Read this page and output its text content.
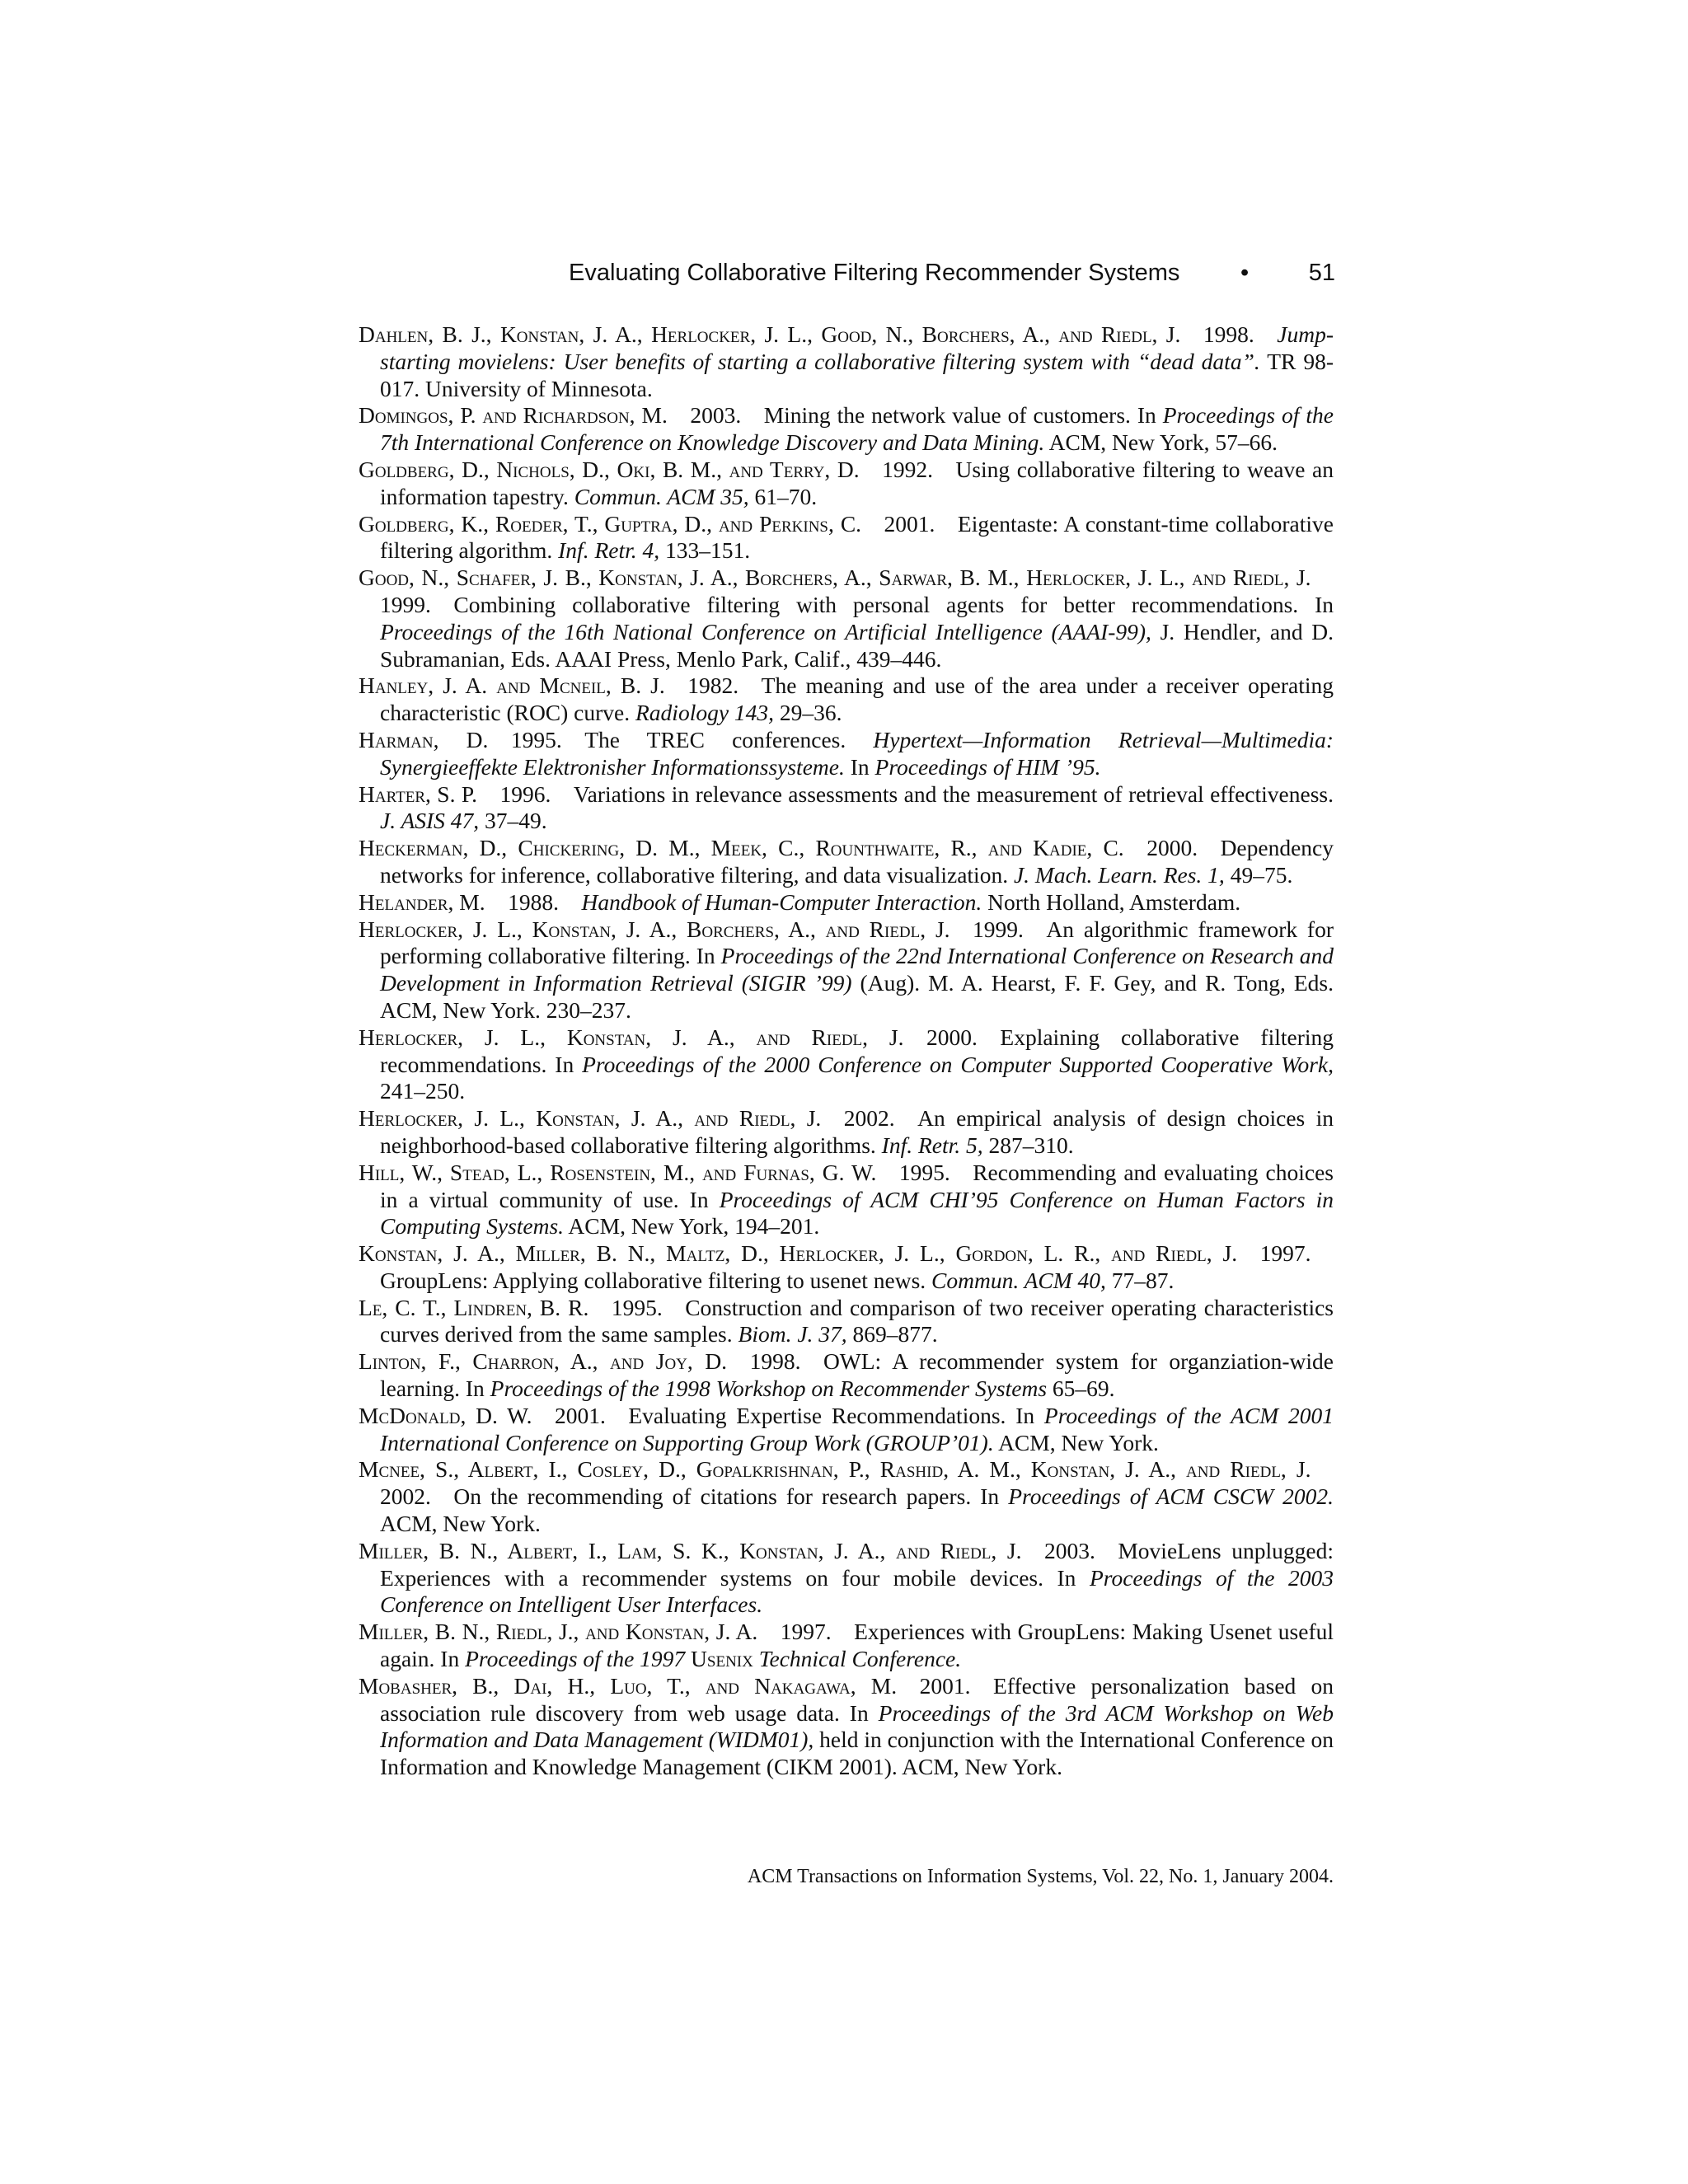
Evaluating Collaborative Filtering Recommender Systems	•	51
Dahlen, B. J., Konstan, J. A., Herlocker, J. L., Good, N., Borchers, A., and Riedl, J.   1998.   Jump-starting movielens: User benefits of starting a collaborative filtering system with “dead data”. TR 98-017. University of Minnesota.
Domingos, P. and Richardson, M.   2003.   Mining the network value of customers. In Proceedings of the 7th International Conference on Knowledge Discovery and Data Mining. ACM, New York, 57–66.
Goldberg, D., Nichols, D., Oki, B. M., and Terry, D.   1992.   Using collaborative filtering to weave an information tapestry. Commun. ACM 35, 61–70.
Goldberg, K., Roeder, T., Guptra, D., and Perkins, C.   2001.   Eigentaste: A constant-time collaborative filtering algorithm. Inf. Retr. 4, 133–151.
Good, N., Schafer, J. B., Konstan, J. A., Borchers, A., Sarwar, B. M., Herlocker, J. L., and Riedl, J.  1999.   Combining collaborative filtering with personal agents for better recommendations. In Proceedings of the 16th National Conference on Artificial Intelligence (AAAI-99), J. Hendler, and D. Subramanian, Eds. AAAI Press, Menlo Park, Calif., 439–446.
Hanley, J. A. and Mcneil, B. J.   1982.   The meaning and use of the area under a receiver operating characteristic (ROC) curve. Radiology 143, 29–36.
Harman, D.   1995.   The TREC conferences. Hypertext—Information Retrieval—Multimedia: Synergieeffekte Elektronisher Informationssysteme. In Proceedings of HIM ’95.
Harter, S. P.   1996.   Variations in relevance assessments and the measurement of retrieval effectiveness. J. ASIS 47, 37–49.
Heckerman, D., Chickering, D. M., Meek, C., Rounthwaite, R., and Kadie, C.   2000.   Dependency networks for inference, collaborative filtering, and data visualization. J. Mach. Learn. Res. 1, 49–75.
Helander, M.   1988.   Handbook of Human-Computer Interaction. North Holland, Amsterdam.
Herlocker, J. L., Konstan, J. A., Borchers, A., and Riedl, J.   1999.   An algorithmic framework for performing collaborative filtering. In Proceedings of the 22nd International Conference on Research and Development in Information Retrieval (SIGIR ’99) (Aug). M. A. Hearst, F. F. Gey, and R. Tong, Eds. ACM, New York. 230–237.
Herlocker, J. L., Konstan, J. A., and Riedl, J.   2000.   Explaining collaborative filtering recommendations. In Proceedings of the 2000 Conference on Computer Supported Cooperative Work, 241–250.
Herlocker, J. L., Konstan, J. A., and Riedl, J.   2002.   An empirical analysis of design choices in neighborhood-based collaborative filtering algorithms. Inf. Retr. 5, 287–310.
Hill, W., Stead, L., Rosenstein, M., and Furnas, G. W.   1995.   Recommending and evaluating choices in a virtual community of use. In Proceedings of ACM CHI’95 Conference on Human Factors in Computing Systems. ACM, New York, 194–201.
Konstan, J. A., Miller, B. N., Maltz, D., Herlocker, J. L., Gordon, L. R., and Riedl, J.   1997.  GroupLens: Applying collaborative filtering to usenet news. Commun. ACM 40, 77–87.
Le, C. T., Lindren, B. R.   1995.   Construction and comparison of two receiver operating characteristics curves derived from the same samples. Biom. J. 37, 869–877.
Linton, F., Charron, A., and Joy, D.   1998.   OWL: A recommender system for organziation-wide learning. In Proceedings of the 1998 Workshop on Recommender Systems 65–69.
McDonald, D. W.   2001.   Evaluating Expertise Recommendations. In Proceedings of the ACM 2001 International Conference on Supporting Group Work (GROUP’01). ACM, New York.
Mcnee, S., Albert, I., Cosley, D., Gopalkrishnan, P., Rashid, A. M., Konstan, J. A., and Riedl, J.  2002.   On the recommending of citations for research papers. In Proceedings of ACM CSCW 2002. ACM, New York.
Miller, B. N., Albert, I., Lam, S. K., Konstan, J. A., and Riedl, J.   2003.   MovieLens unplugged: Experiences with a recommender systems on four mobile devices. In Proceedings of the 2003 Conference on Intelligent User Interfaces.
Miller, B. N., Riedl, J., and Konstan, J. A.   1997.   Experiences with GroupLens: Making Usenet useful again. In Proceedings of the 1997 Usenix Technical Conference.
Mobasher, B., Dai, H., Luo, T., and Nakagawa, M.   2001.   Effective personalization based on association rule discovery from web usage data. In Proceedings of the 3rd ACM Workshop on Web Information and Data Management (WIDM01), held in conjunction with the International Conference on Information and Knowledge Management (CIKM 2001). ACM, New York.
ACM Transactions on Information Systems, Vol. 22, No. 1, January 2004.
